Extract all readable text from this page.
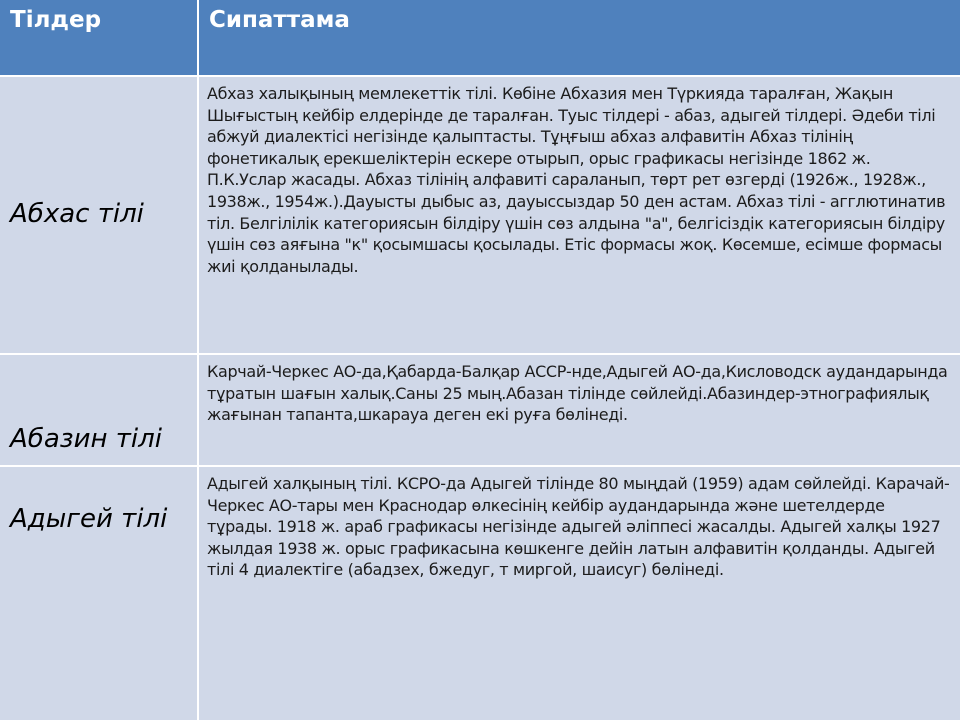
Тілдер	Сипаттама
Абхас тілі	Абхаз халықының мемлекеттік тілі. Көбіне Абхазия мен Түркияда таралған, Жақын Шығыстың кейбір елдерінде де таралған. Туыс тілдері - абаз, адыгей тілдері. Әдеби тілі абжуй диалектісі негізінде қалыптасты. Тұңғыш абхаз алфавитін Абхаз тілінің фонетикалық ерекшеліктерін ескере отырып, орыс графикасы негізінде 1862 ж. П.К.Услар жасады. Абхаз тілінің алфавиті сараланып, төрт рет өзгерді (1926ж., 1928ж., 1938ж., 1954ж.).Дауысты дыбыс аз, дауыссыздар 50 ден астам. Абхаз тілі - агглютинатив тіл. Белгілілік категориясын білдіру үшін сөз алдына "а", белгісіздік категориясын білдіру үшін сөз аяғына "к" қосымшасы қосылады. Етіс формасы жоқ. Көсемше, есімше формасы жиі қолданылады.

Абазин тілі	Карчай-Черкес АО-да,Қабарда-Балқар АССР-нде,Адыгей АО-да,Кисловодск аудандарында тұратын шағын халық.Саны 25 мың.Абазан тілінде сөйлейді.Абазиндер-этнографиялық жағынан тапанта,шкарауа деген екі руға бөлінеді.

Адыгей тілі	Адыгей халқының тілі. КСРО-да Адыгей тілінде 80 мыңдай (1959) адам сөйлейді. Карачай-Черкес АО-тары мен Краснодар өлкесінің кейбір аудандарында және шетелдерде тұрады. 1918 ж. араб графикасы негізінде адыгей әліппесі жасалды. Адыгей халқы 1927 жылдая 1938 ж. орыс графикасына көшкенге дейін латын алфавитін қолданды. Адыгей тілі 4 диалектіге (абадзех, бжедуг, т миргой, шаисуг) бөлінеді.
